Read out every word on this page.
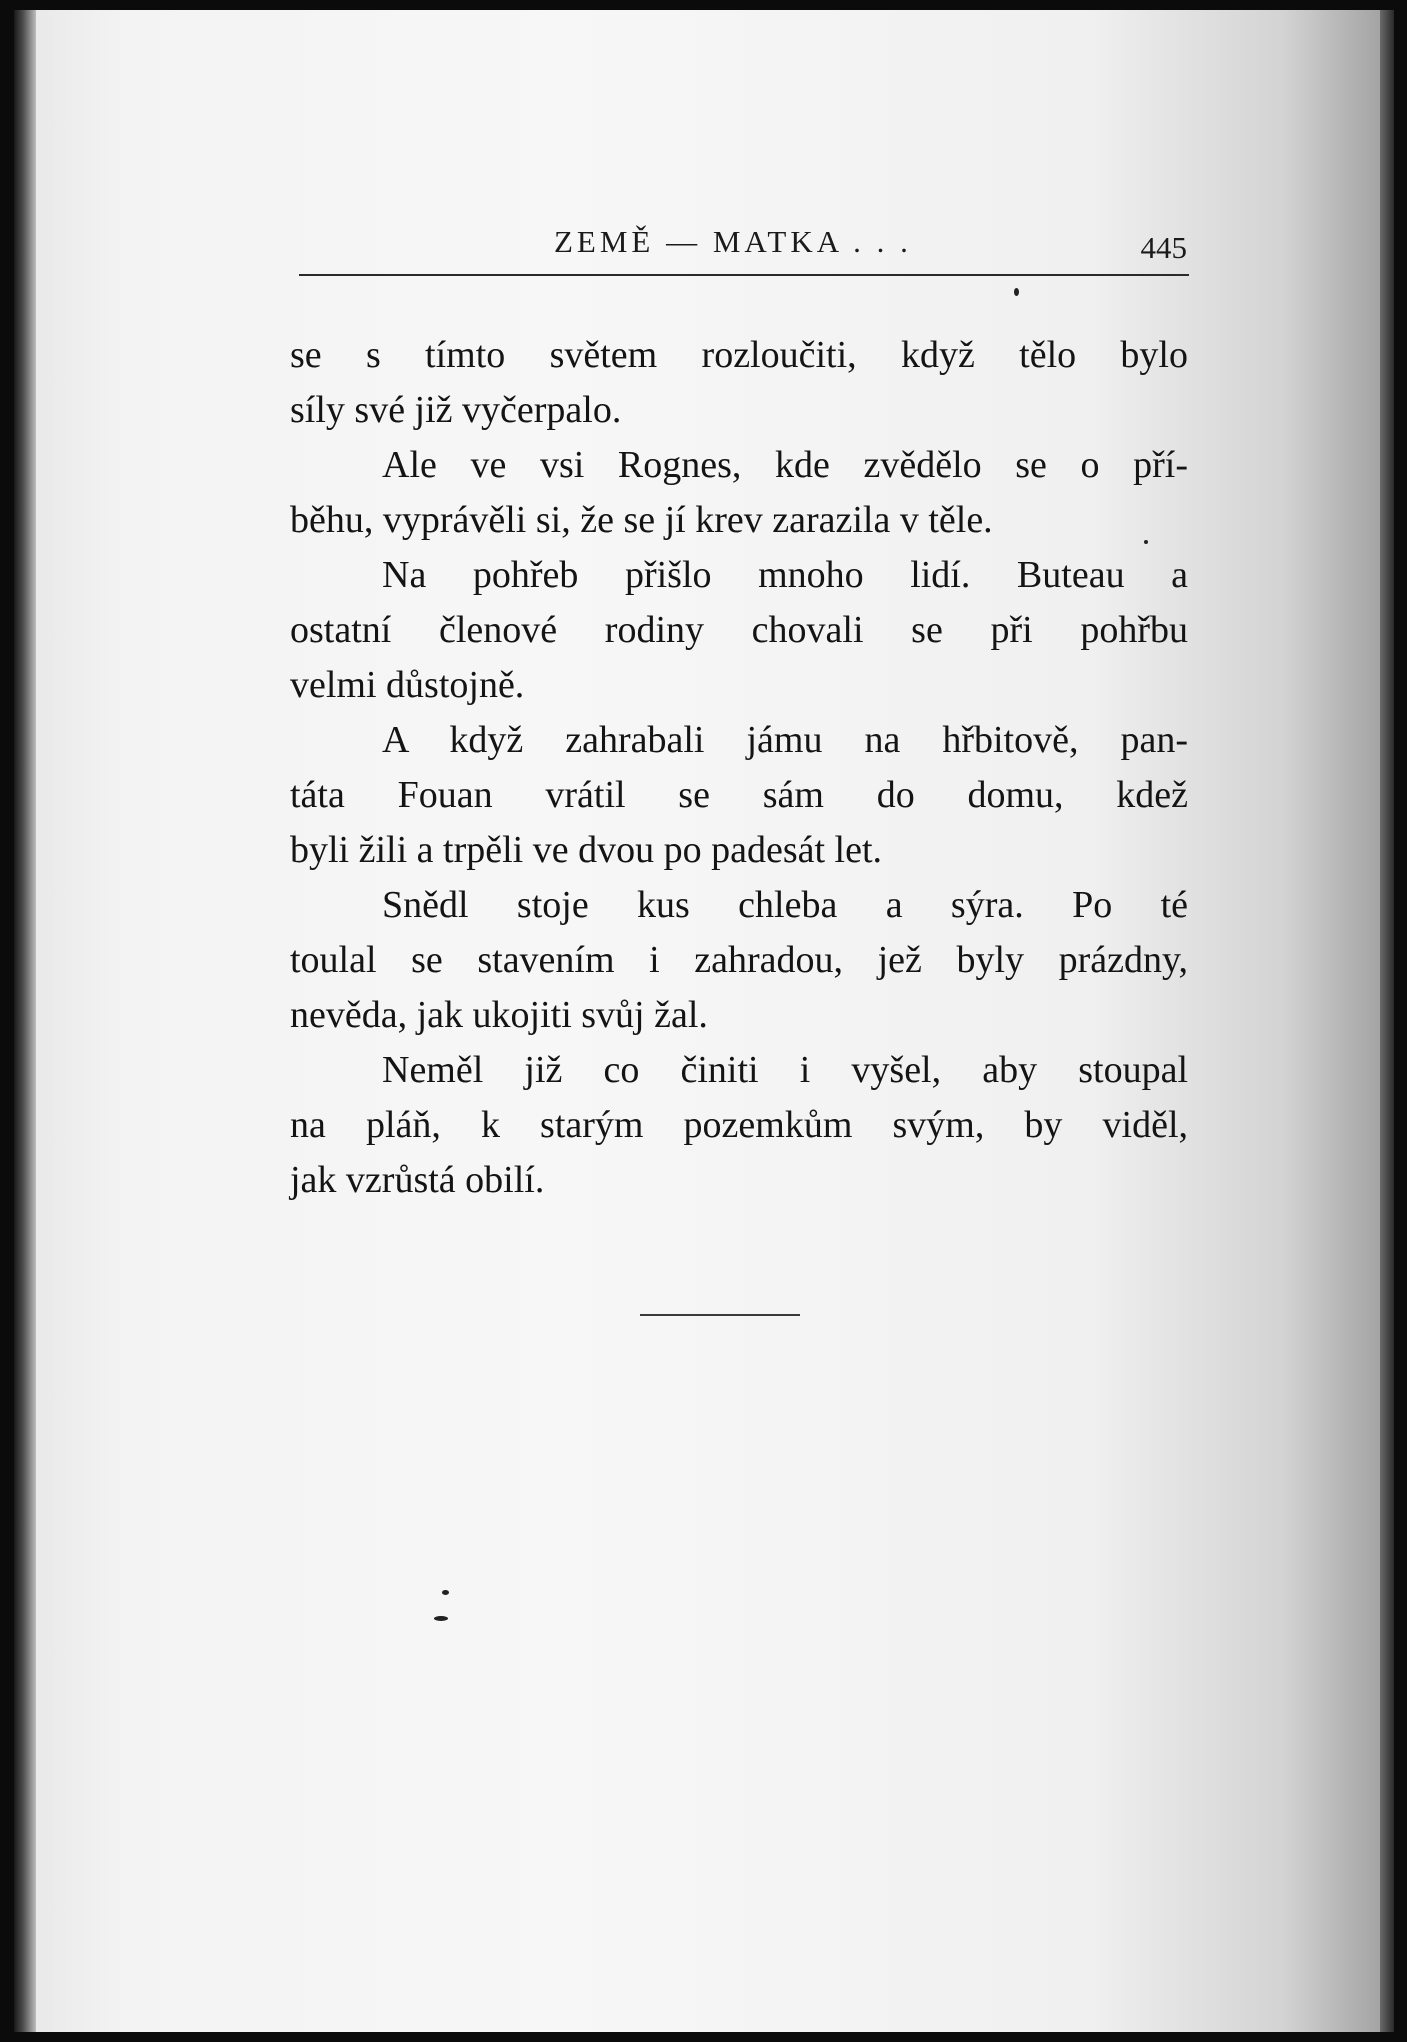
ZEMĚ — MATKA . . .	445
se s tímto světem rozloučiti, když tělo bylo
síly své již vyčerpalo.
Ale ve vsi Rognes, kde zvědělo se o pří-
běhu, vyprávěli si, že se jí krev zarazila v těle.
Na pohřeb přišlo mnoho lidí. Buteau a
ostatní členové rodiny chovali se při pohřbu
velmi důstojně.
A když zahrabali jámu na hřbitově, pan-
táta Fouan vrátil se sám do domu, kdež
byli žili a trpěli ve dvou po padesát let.
Snědl stoje kus chleba a sýra. Po té
toulal se stavením i zahradou, jež byly prázdny,
nevěda, jak ukojiti svůj žal.
Neměl již co činiti i vyšel, aby stoupal
na pláň, k starým pozemkům svým, by viděl,
jak vzrůstá obilí.
